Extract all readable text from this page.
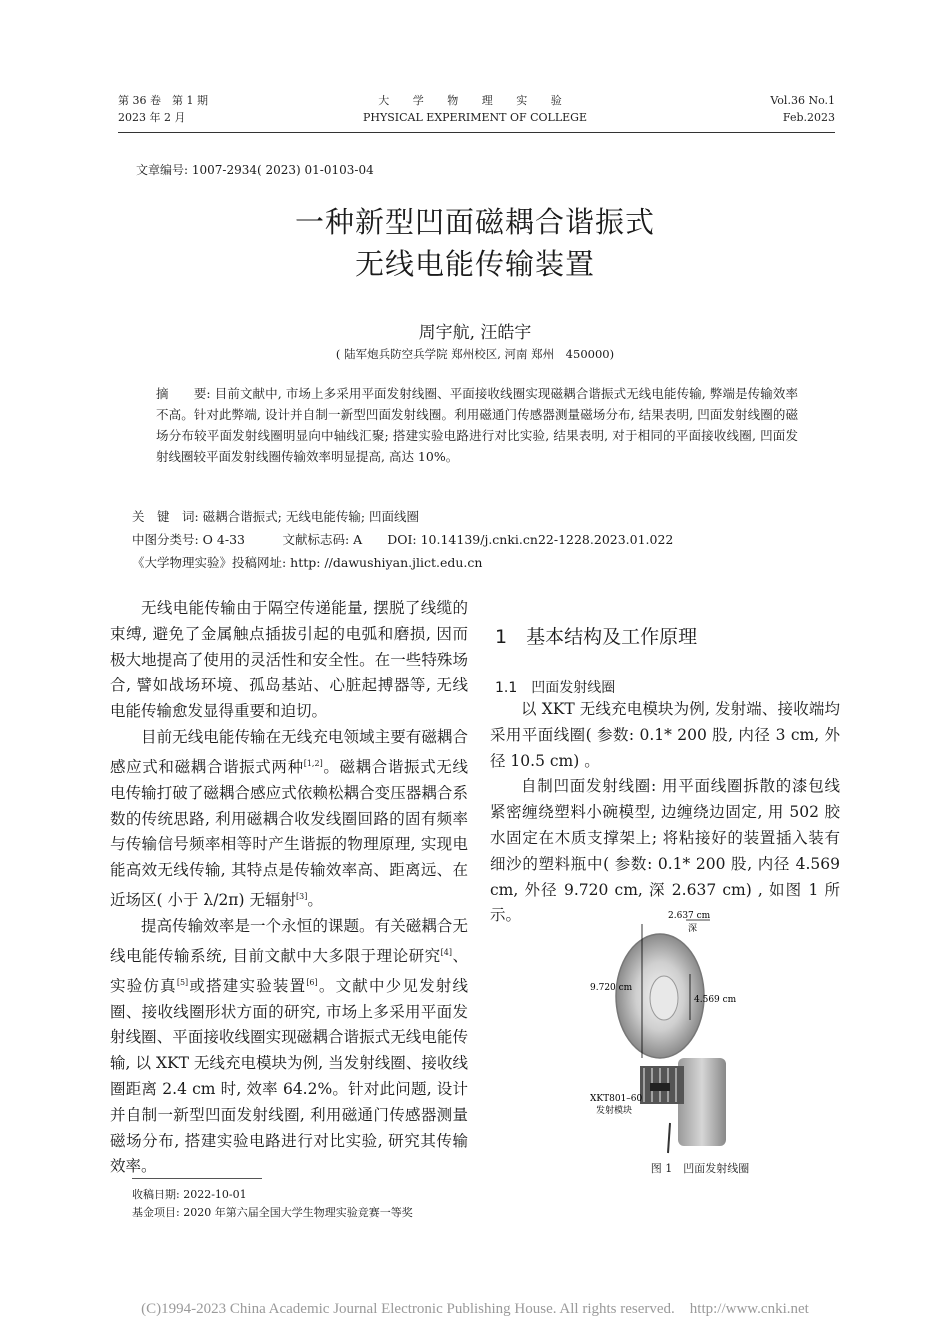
第 36 卷　第 1 期
2023 年 2 月
大 学 物 理 实 验
PHYSICAL EXPERIMENT OF COLLEGE
Vol.36 No.1
Feb.2023
文章编号: 1007-2934( 2023) 01-0103-04
一种新型凹面磁耦合谐振式
无线电能传输装置
周宇航, 汪皓宇
( 陆军炮兵防空兵学院 郑州校区, 河南 郑州　450000)
摘　　要: 目前文献中, 市场上多采用平面发射线圈、平面接收线圈实现磁耦合谐振式无线电能传输, 弊端是传输效率不高。针对此弊端, 设计并自制一新型凹面发射线圈。利用磁通门传感器测量磁场分布, 结果表明, 凹面发射线圈的磁场分布较平面发射线圈明显向中轴线汇聚; 搭建实验电路进行对比实验, 结果表明, 对于相同的平面接收线圈, 凹面发射线圈较平面发射线圈传输效率明显提高, 高达 10%。
关　键　词: 磁耦合谐振式; 无线电能传输; 凹面线圈
中图分类号: O 4-33　　　文献标志码: A　　DOI: 10.14139/j.cnki.cn22-1228.2023.01.022
《大学物理实验》投稿网址: http: //dawushiyan.jlict.edu.cn

无线电能传输由于隔空传递能量, 摆脱了线缆的束缚, 避免了金属触点插拔引起的电弧和磨损, 因而极大地提高了使用的灵活性和安全性。在一些特殊场合, 譬如战场环境、孤岛基站、心脏起搏器等, 无线电能传输愈发显得重要和迫切。

目前无线电能传输在无线充电领域主要有磁耦合感应式和磁耦合谐振式两种[1,2]。磁耦合谐振式无线电传输打破了磁耦合感应式依赖松耦合变压器耦合系数的传统思路, 利用磁耦合收发线圈回路的固有频率与传输信号频率相等时产生谐振的物理原理, 实现电能高效无线传输, 其特点是传输效率高、距离远、在近场区( 小于 λ/2π) 无辐射[3]。

提高传输效率是一个永恒的课题。有关磁耦合无线电能传输系统, 目前文献中大多限于理论研究[4]、实验仿真[5]或搭建实验装置[6]。文献中少见发射线圈、接收线圈形状方面的研究, 市场上多采用平面发射线圈、平面接收线圈实现磁耦合谐振式无线电能传输, 以 XKT 无线充电模块为例, 当发射线圈、接收线圈距离 2.4 cm 时, 效率 64.2%。针对此问题, 设计并自制一新型凹面发射线圈, 利用磁通门传感器测量磁场分布, 搭建实验电路进行对比实验, 研究其传输效率。

1　基本结构及工作原理
1.1　凹面发射线圈

以 XKT 无线充电模块为例, 发射端、接收端均采用平面线圈( 参数: 0.1* 200 股, 内径 3 cm, 外径 10.5 cm) 。

自制凹面发射线圈: 用平面线圈拆散的漆包线紧密缠绕塑料小碗模型, 边缠绕边固定, 用 502 胶水固定在木质支撑架上; 将粘接好的装置插入装有细沙的塑料瓶中( 参数: 0.1* 200 股, 内径 4.569 cm, 外径 9.720 cm, 深 2.637 cm) , 如图 1 所示。	2.637 cm
深
9.720 cm
4.569 cm
XKT801–60
发射模块
图 1　凹面发射线圈
收稿日期: 2022-10-01
基金项目: 2020 年第六届全国大学生物理实验竞赛一等奖
(C)1994-2023 China Academic Journal Electronic Publishing House. All rights reserved.　http://www.cnki.net
